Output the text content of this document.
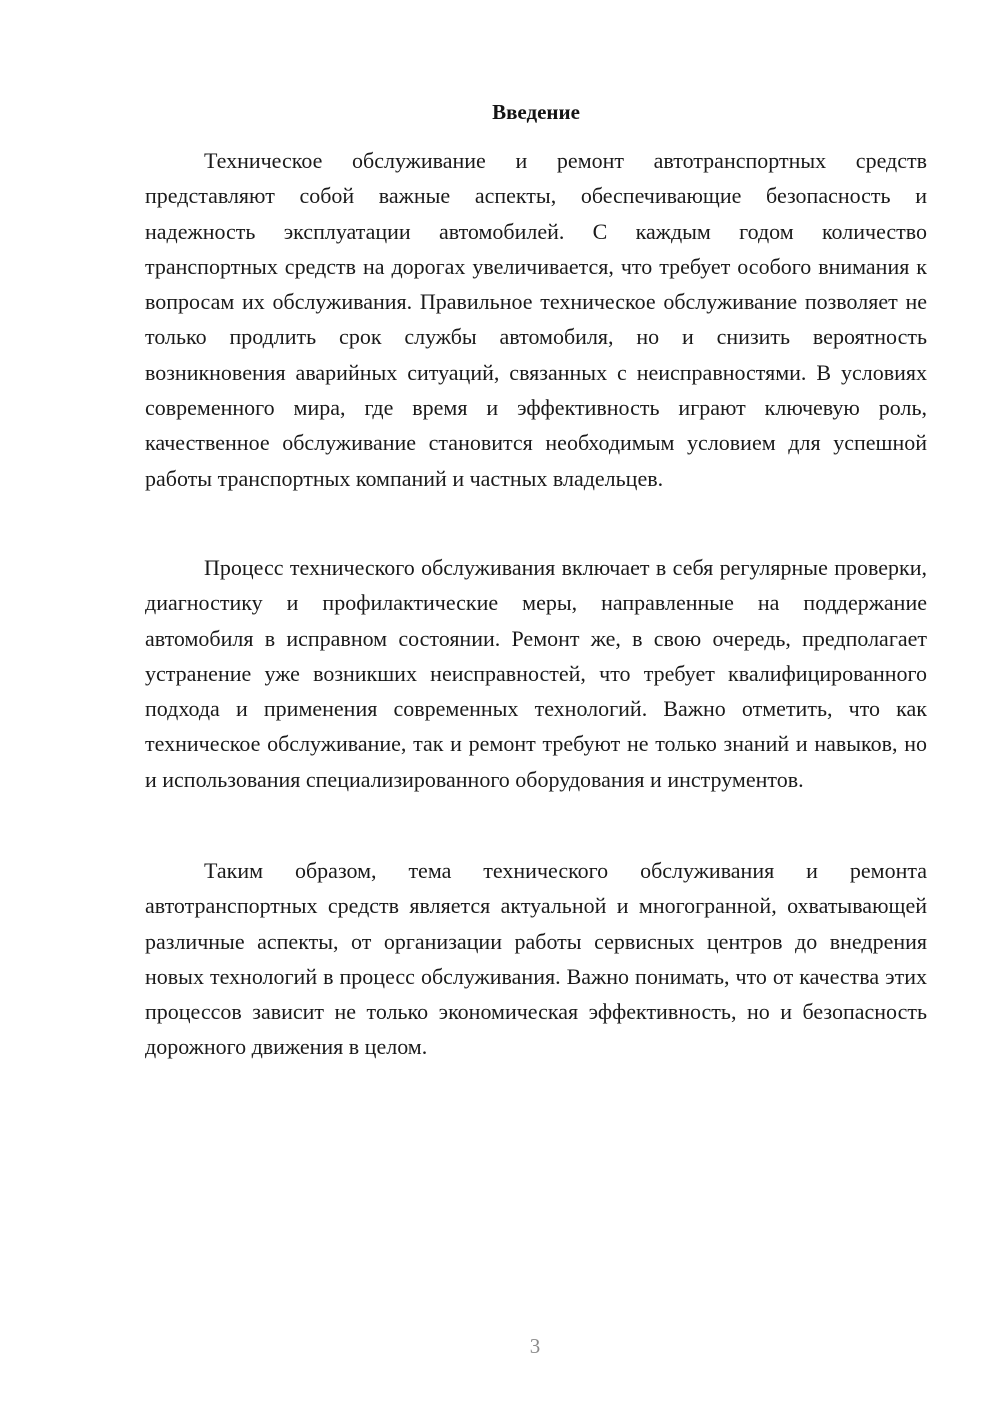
Введение

Техническое обслуживание и ремонт автотранспортных средств представляют собой важные аспекты, обеспечивающие безопасность и надежность эксплуатации автомобилей. С каждым годом количество транспортных средств на дорогах увеличивается, что требует особого внимания к вопросам их обслуживания. Правильное техническое обслуживание позволяет не только продлить срок службы автомобиля, но и снизить вероятность возникновения аварийных ситуаций, связанных с неисправностями. В условиях современного мира, где время и эффективность играют ключевую роль, качественное обслуживание становится необходимым условием для успешной работы транспортных компаний и частных владельцев.

Процесс технического обслуживания включает в себя регулярные проверки, диагностику и профилактические меры, направленные на поддержание автомобиля в исправном состоянии. Ремонт же, в свою очередь, предполагает устранение уже возникших неисправностей, что требует квалифицированного подхода и применения современных технологий. Важно отметить, что как техническое обслуживание, так и ремонт требуют не только знаний и навыков, но и использования специализированного оборудования и инструментов.

Таким образом, тема технического обслуживания и ремонта автотранспортных средств является актуальной и многогранной, охватывающей различные аспекты, от организации работы сервисных центров до внедрения новых технологий в процесс обслуживания. Важно понимать, что от качества этих процессов зависит не только экономическая эффективность, но и безопасность дорожного движения в целом.

3
